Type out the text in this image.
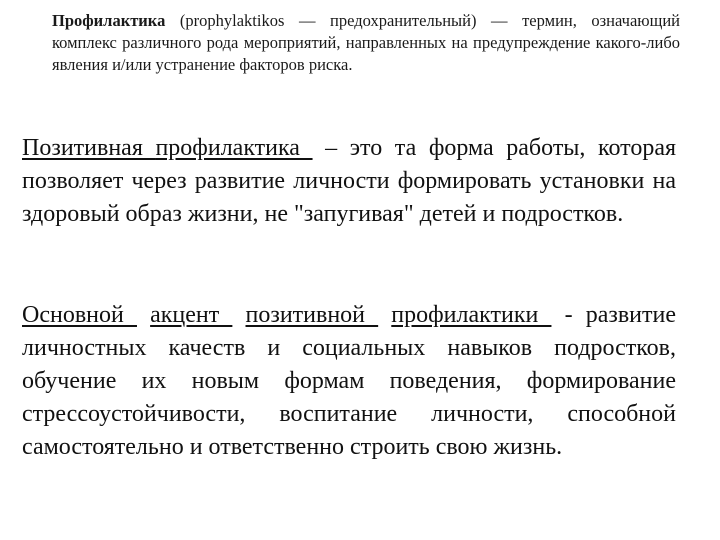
Профилактика (prophylaktikos — предохранительный) — термин, означающий комплекс различного рода мероприятий, направленных на предупреждение какого-либо явления и/или устранение факторов риска.
Позитивная профилактика  – это та форма работы, которая позволяет через развитие личности формировать установки на здоровый образ жизни, не "запугивая" детей и подростков.
Основной  акцент  позитивной  профилактики  - развитие личностных качеств и социальных навыков подростков, обучение их новым формам поведения, формирование стрессоустойчивости, воспитание личности, способной самостоятельно и ответственно строить свою жизнь.
